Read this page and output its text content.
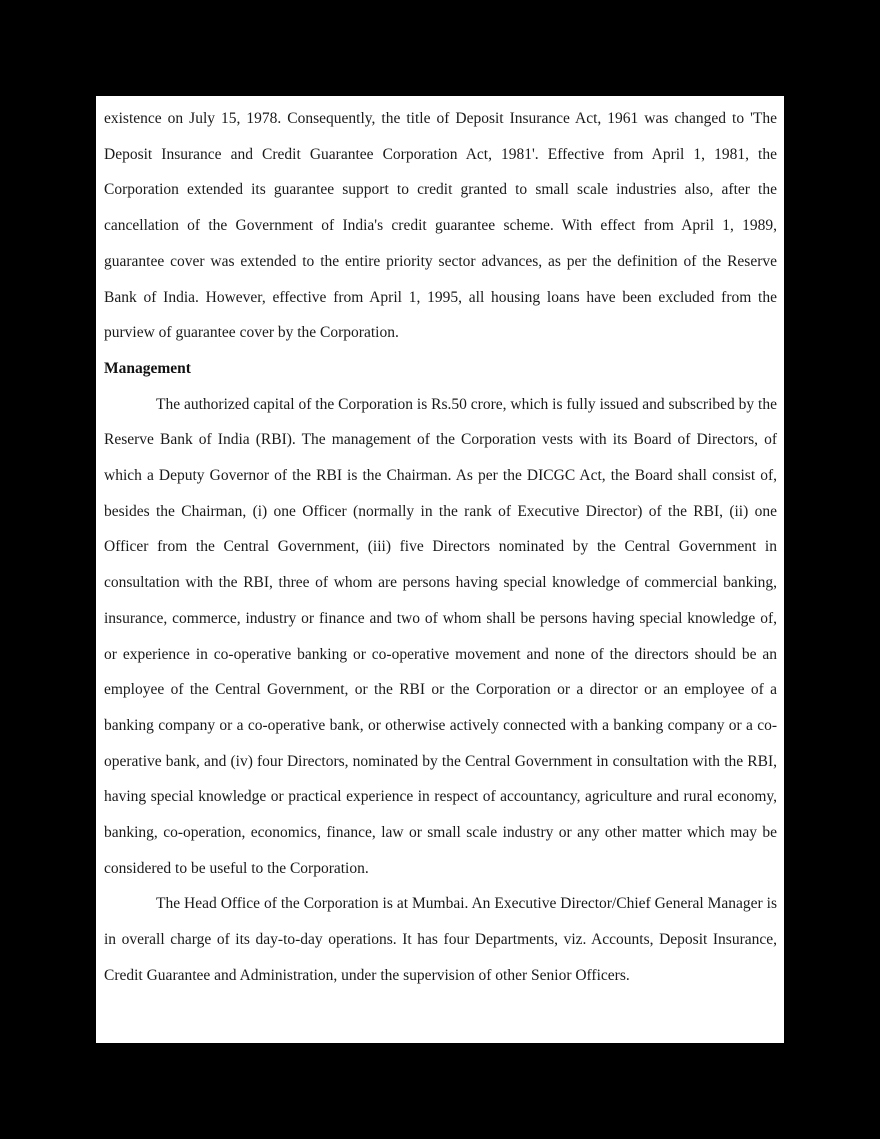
existence on July 15, 1978. Consequently, the title of Deposit Insurance Act, 1961 was changed to 'The Deposit Insurance and Credit Guarantee Corporation Act, 1981'. Effective from April 1, 1981, the Corporation extended its guarantee support to credit granted to small scale industries also, after the cancellation of the Government of India's credit guarantee scheme. With effect from April 1, 1989, guarantee cover was extended to the entire priority sector advances, as per the definition of the Reserve Bank of India. However, effective from April 1, 1995, all housing loans have been excluded from the purview of guarantee cover by the Corporation.

Management

The authorized capital of the Corporation is Rs.50 crore, which is fully issued and subscribed by the Reserve Bank of India (RBI). The management of the Corporation vests with its Board of Directors, of which a Deputy Governor of the RBI is the Chairman. As per the DICGC Act, the Board shall consist of, besides the Chairman, (i) one Officer (normally in the rank of Executive Director) of the RBI, (ii) one Officer from the Central Government, (iii) five Directors nominated by the Central Government in consultation with the RBI, three of whom are persons having special knowledge of commercial banking, insurance, commerce, industry or finance and two of whom shall be persons having special knowledge of, or experience in co-operative banking or co-operative movement and none of the directors should be an employee of the Central Government, or the RBI or the Corporation or a director or an employee of a banking company or a co-operative bank, or otherwise actively connected with a banking company or a co-operative bank, and (iv) four Directors, nominated by the Central Government in consultation with the RBI, having special knowledge or practical experience in respect of accountancy, agriculture and rural economy, banking, co-operation, economics, finance, law or small scale industry or any other matter which may be considered to be useful to the Corporation.

The Head Office of the Corporation is at Mumbai. An Executive Director/Chief General Manager is in overall charge of its day-to-day operations. It has four Departments, viz. Accounts, Deposit Insurance, Credit Guarantee and Administration, under the supervision of other Senior Officers.
